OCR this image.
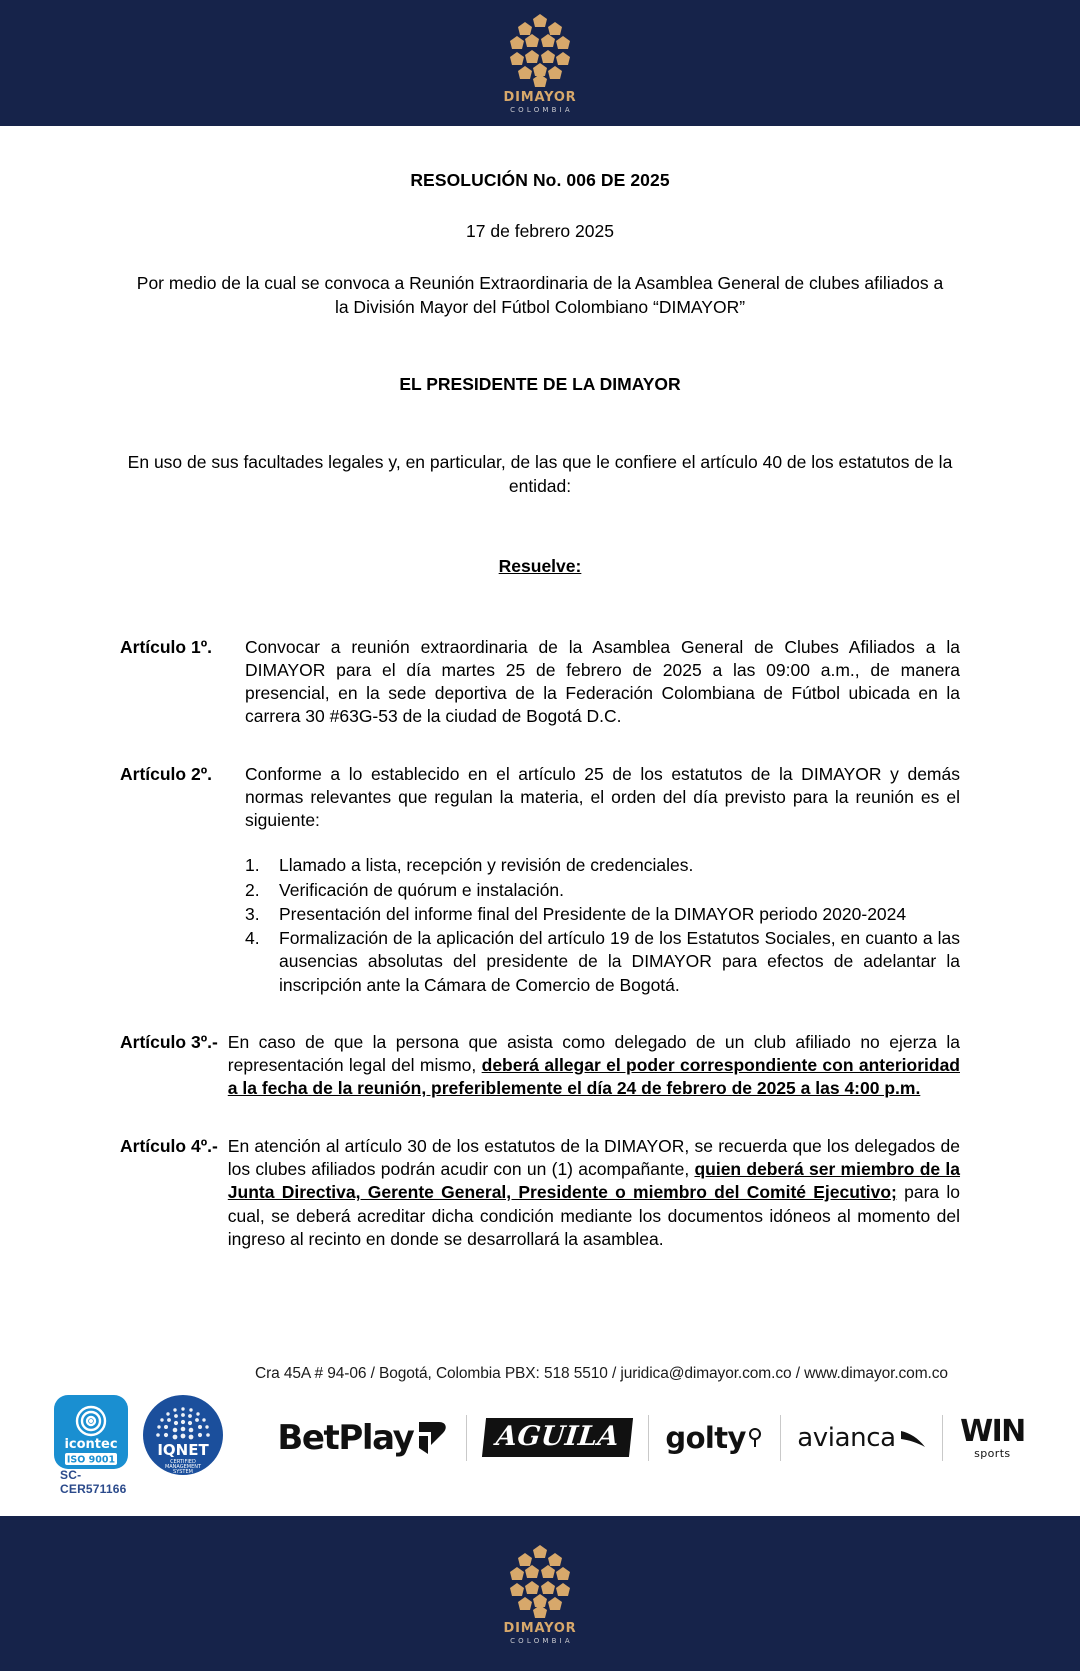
DIMAYOR
COLOMBIA
RESOLUCIÓN No. 006 DE 2025
17 de febrero 2025
Por medio de la cual se convoca a Reunión Extraordinaria de la Asamblea General de clubes afiliados a la División Mayor del Fútbol Colombiano “DIMAYOR”
EL PRESIDENTE DE LA DIMAYOR
En uso de sus facultades legales y, en particular, de las que le confiere el artículo 40 de los estatutos de la entidad:
Resuelve:
Artículo 1º.	Convocar a reunión extraordinaria de la Asamblea General de Clubes Afiliados a la DIMAYOR para el día martes 25 de febrero de 2025 a las 09:00 a.m., de manera presencial, en la sede deportiva de la Federación Colombiana de Fútbol ubicada en la carrera 30 #63G-53 de la ciudad de Bogotá D.C.
Artículo 2º.	Conforme a lo establecido en el artículo 25 de los estatutos de la DIMAYOR y demás normas relevantes que regulan la materia, el orden del día previsto para la reunión es el siguiente:
1.	Llamado a lista, recepción y revisión de credenciales.
2.	Verificación de quórum e instalación.
3.	Presentación del informe final del Presidente de la DIMAYOR periodo 2020-2024
4.	Formalización de la aplicación del artículo 19 de los Estatutos Sociales, en cuanto a las ausencias absolutas del presidente de la DIMAYOR para efectos de adelantar la inscripción ante la Cámara de Comercio de Bogotá.
Artículo 3º.- En caso de que la persona que asista como delegado de un club afiliado no ejerza la representación legal del mismo, deberá allegar el poder correspondiente con anterioridad a la fecha de la reunión, preferiblemente el día 24 de febrero de 2025 a las 4:00 p.m.
Artículo 4º.- En atención al artículo 30 de los estatutos de la DIMAYOR, se recuerda que los delegados de los clubes afiliados podrán acudir con un (1) acompañante, quien deberá ser miembro de la Junta Directiva, Gerente General, Presidente o miembro del Comité Ejecutivo; para lo cual, se deberá acreditar dicha condición mediante los documentos idóneos al momento del ingreso al recinto en donde se desarrollará la asamblea.
Cra 45A # 94-06 / Bogotá, Colombia PBX: 518 5510 / juridica@dimayor.com.co / www.dimayor.com.co
icontec
ISO 9001
SC-CER571166
IQNET
CERTIFIED
MANAGEMENT
SYSTEM
BetPlay	AGUILA	golty avianca WIN
sports
DIMAYOR
COLOMBIA
